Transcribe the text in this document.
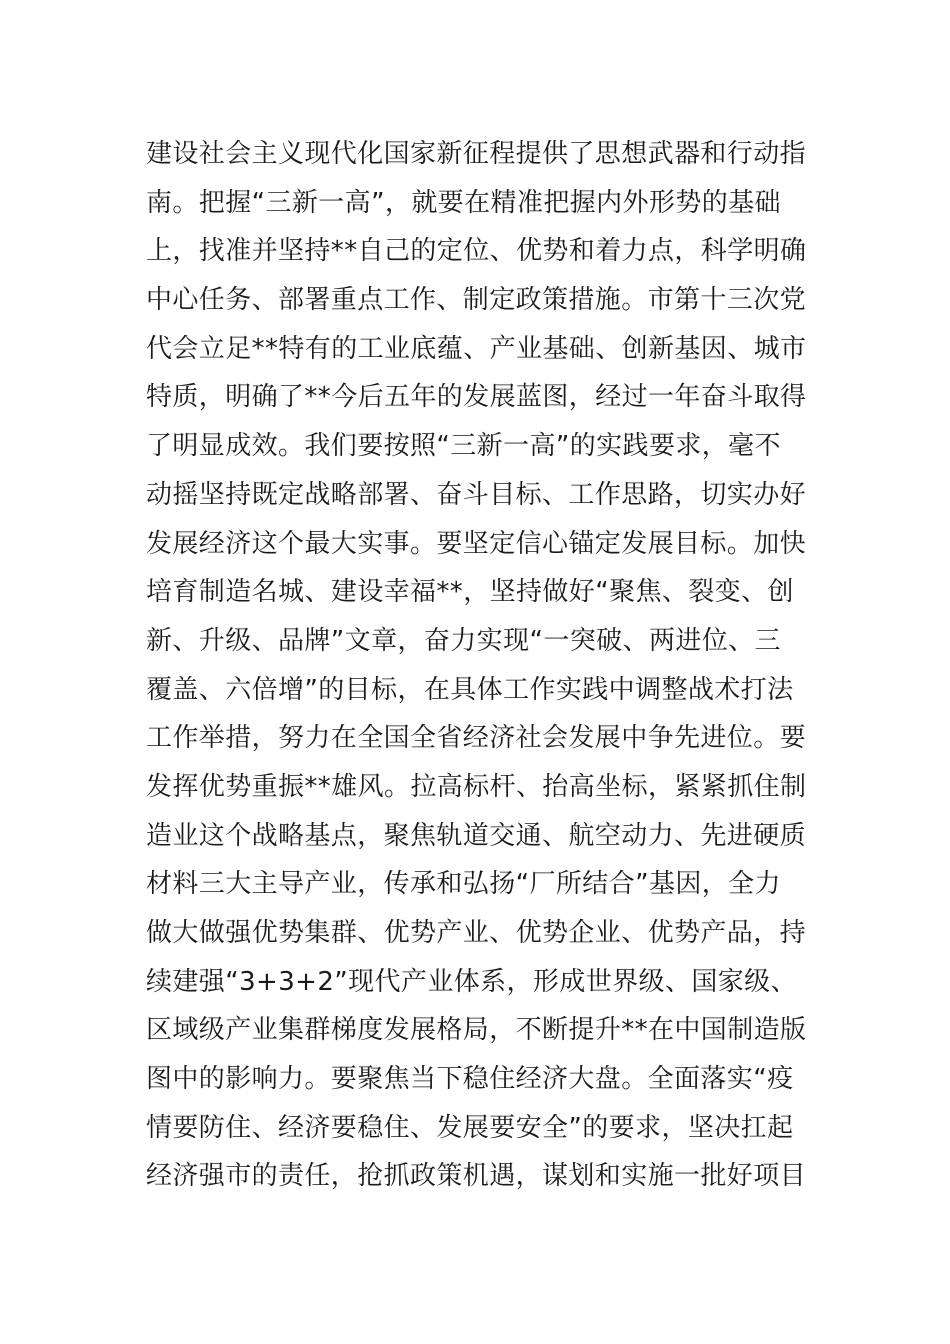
建设社会主义现代化国家新征程提供了思想武器和行动指
南。把握“三新一高”，就要在精准把握内外形势的基础
上，找准并坚持**自己的定位、优势和着力点，科学明确
中心任务、部署重点工作、制定政策措施。市第十三次党
代会立足**特有的工业底蕴、产业基础、创新基因、城市
特质，明确了**今后五年的发展蓝图，经过一年奋斗取得
了明显成效。我们要按照“三新一高”的实践要求，毫不
动摇坚持既定战略部署、奋斗目标、工作思路，切实办好
发展经济这个最大实事。要坚定信心锚定发展目标。加快
培育制造名城、建设幸福**，坚持做好“聚焦、裂变、创
新、升级、品牌”文章，奋力实现“一突破、两进位、三
覆盖、六倍增”的目标，在具体工作实践中调整战术打法
工作举措，努力在全国全省经济社会发展中争先进位。要
发挥优势重振**雄风。拉高标杆、抬高坐标，紧紧抓住制
造业这个战略基点，聚焦轨道交通、航空动力、先进硬质
材料三大主导产业，传承和弘扬“厂所结合”基因，全力
做大做强优势集群、优势产业、优势企业、优势产品，持
续建强“3+3+2”现代产业体系，形成世界级、国家级、
区域级产业集群梯度发展格局，不断提升**在中国制造版
图中的影响力。要聚焦当下稳住经济大盘。全面落实“疫
情要防住、经济要稳住、发展要安全”的要求，坚决扛起
经济强市的责任，抢抓政策机遇，谋划和实施一批好项目
